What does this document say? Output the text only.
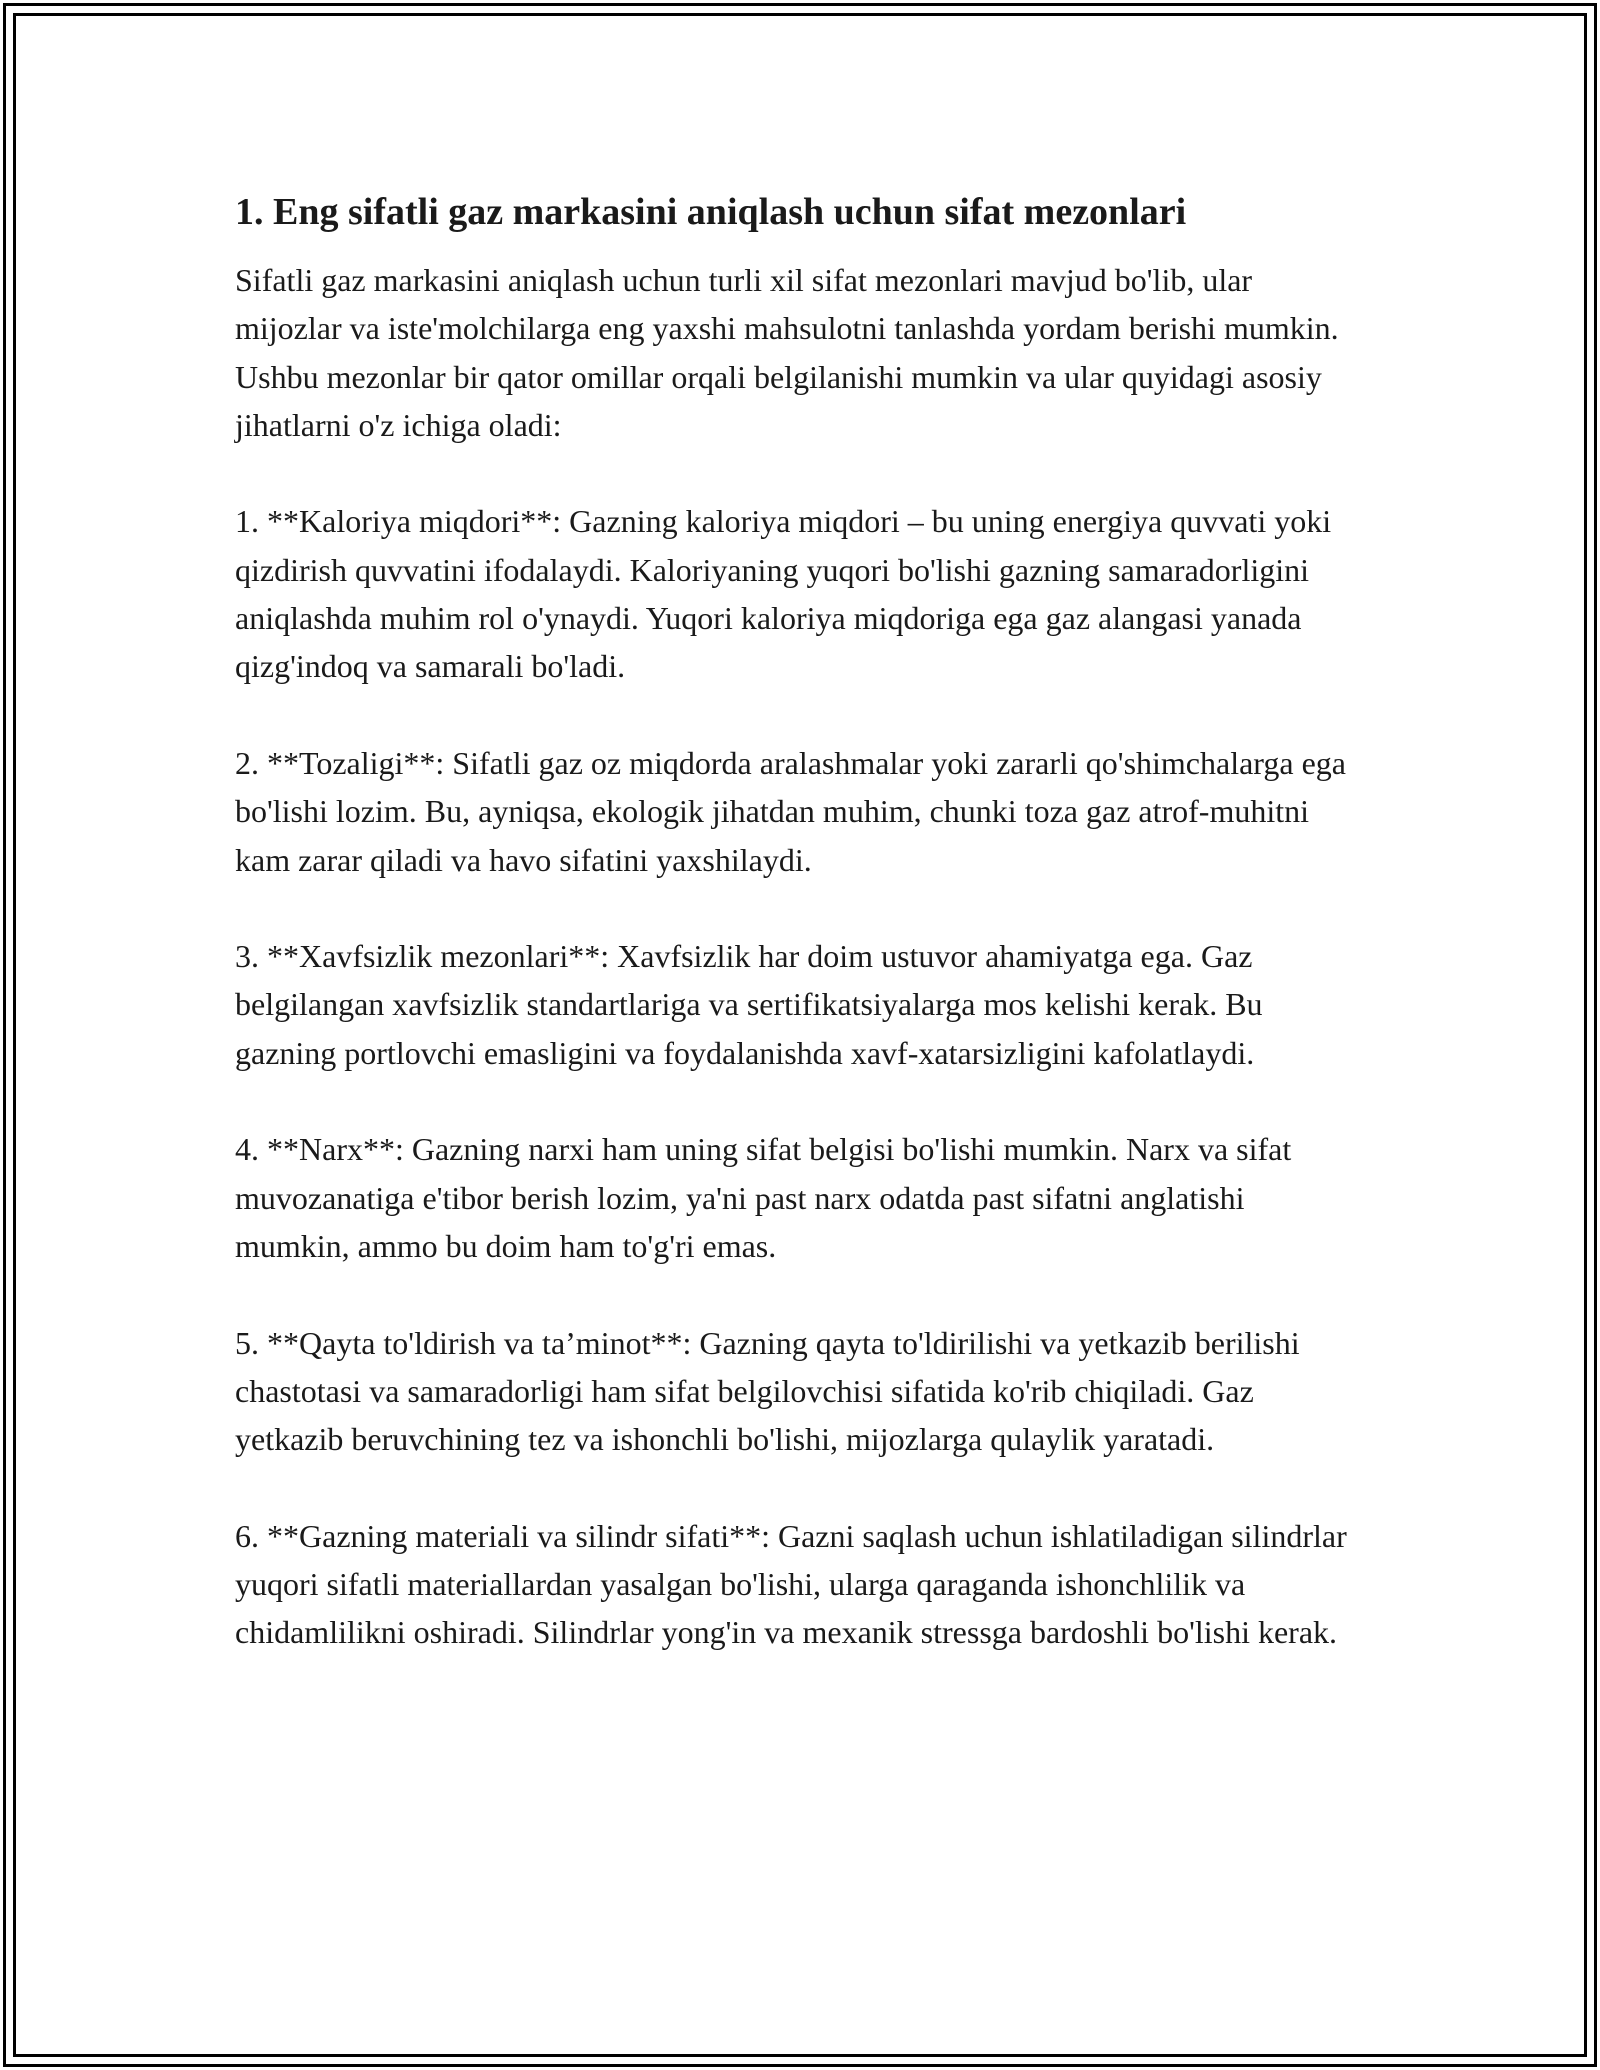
1. Eng sifatli gaz markasini aniqlash uchun sifat mezonlari

Sifatli gaz markasini aniqlash uchun turli xil sifat mezonlari mavjud bo'lib, ular mijozlar va iste'molchilarga eng yaxshi mahsulotni tanlashda yordam berishi mumkin. Ushbu mezonlar bir qator omillar orqali belgilanishi mumkin va ular quyidagi asosiy jihatlarni o'z ichiga oladi:

1. **Kaloriya miqdori**: Gazning kaloriya miqdori – bu uning energiya quvvati yoki qizdirish quvvatini ifodalaydi. Kaloriyaning yuqori bo'lishi gazning samaradorligini aniqlashda muhim rol o'ynaydi. Yuqori kaloriya miqdoriga ega gaz alangasi yanada qizg'indoq va samarali bo'ladi.

2. **Tozaligi**: Sifatli gaz oz miqdorda aralashmalar yoki zararli qo'shimchalarga ega bo'lishi lozim. Bu, ayniqsa, ekologik jihatdan muhim, chunki toza gaz atrof-muhitni kam zarar qiladi va havo sifatini yaxshilaydi.

3. **Xavfsizlik mezonlari**: Xavfsizlik har doim ustuvor ahamiyatga ega. Gaz belgilangan xavfsizlik standartlariga va sertifikatsiyalarga mos kelishi kerak. Bu gazning portlovchi emasligini va foydalanishda xavf-xatarsizligini kafolatlaydi.

4. **Narx**: Gazning narxi ham uning sifat belgisi bo'lishi mumkin. Narx va sifat muvozanatiga e'tibor berish lozim, ya'ni past narx odatda past sifatni anglatishi mumkin, ammo bu doim ham to'g'ri emas.

5. **Qayta to'ldirish va ta’minot**: Gazning qayta to'ldirilishi va yetkazib berilishi chastotasi va samaradorligi ham sifat belgilovchisi sifatida ko'rib chiqiladi. Gaz yetkazib beruvchining tez va ishonchli bo'lishi, mijozlarga qulaylik yaratadi.

6. **Gazning materiali va silindr sifati**: Gazni saqlash uchun ishlatiladigan silindrlar yuqori sifatli materiallardan yasalgan bo'lishi, ularga qaraganda ishonchlilik va chidamlilikni oshiradi. Silindrlar yong'in va mexanik stressga bardoshli bo'lishi kerak.
